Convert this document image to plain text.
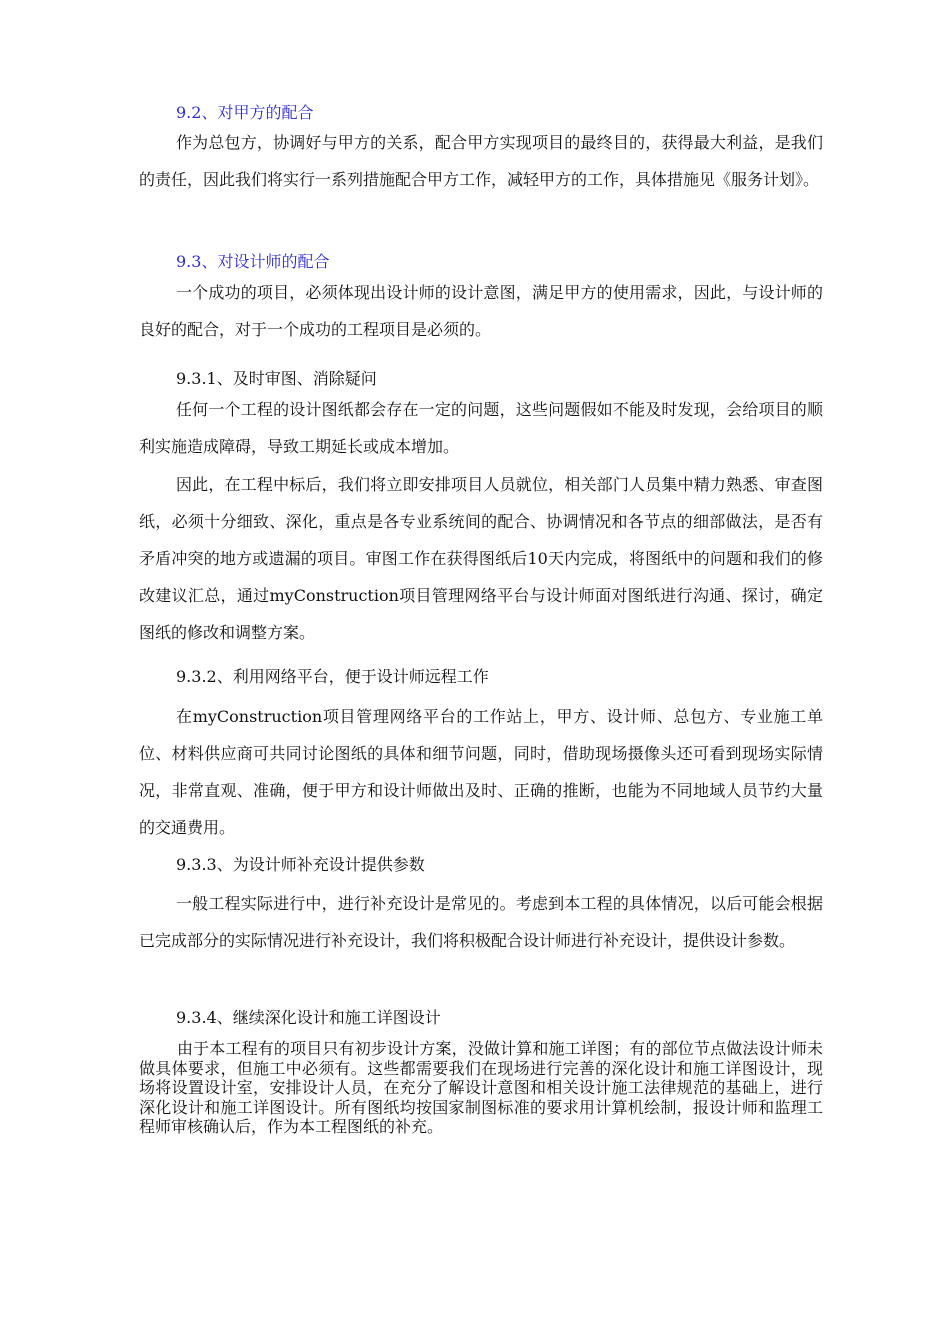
9.2、对甲方的配合
作为总包方，协调好与甲方的关系，配合甲方实现项目的最终目的，获得最大利益，是我们的责任，因此我们将实行一系列措施配合甲方工作，减轻甲方的工作，具体措施见《服务计划》。
9.3、对设计师的配合
一个成功的项目，必须体现出设计师的设计意图，满足甲方的使用需求，因此，与设计师的良好的配合，对于一个成功的工程项目是必须的。
9.3.1、及时审图、消除疑问
任何一个工程的设计图纸都会存在一定的问题，这些问题假如不能及时发现，会给项目的顺利实施造成障碍，导致工期延长或成本增加。
因此，在工程中标后，我们将立即安排项目人员就位，相关部门人员集中精力熟悉、审查图纸，必须十分细致、深化，重点是各专业系统间的配合、协调情况和各节点的细部做法，是否有矛盾冲突的地方或遗漏的项目。审图工作在获得图纸后10天内完成，将图纸中的问题和我们的修改建议汇总，通过myConstruction项目管理网络平台与设计师面对图纸进行沟通、探讨，确定图纸的修改和调整方案。
9.3.2、利用网络平台，便于设计师远程工作
在myConstruction项目管理网络平台的工作站上，甲方、设计师、总包方、专业施工单位、材料供应商可共同讨论图纸的具体和细节问题，同时，借助现场摄像头还可看到现场实际情况，非常直观、准确，便于甲方和设计师做出及时、正确的推断，也能为不同地域人员节约大量的交通费用。
9.3.3、为设计师补充设计提供参数
一般工程实际进行中，进行补充设计是常见的。考虑到本工程的具体情况，以后可能会根据已完成部分的实际情况进行补充设计，我们将积极配合设计师进行补充设计，提供设计参数。
9.3.4、继续深化设计和施工详图设计
由于本工程有的项目只有初步设计方案，没做计算和施工详图；有的部位节点做法设计师未做具体要求，但施工中必须有。这些都需要我们在现场进行完善的深化设计和施工详图设计，现场将设置设计室，安排设计人员，在充分了解设计意图和相关设计施工法律规范的基础上，进行深化设计和施工详图设计。所有图纸均按国家制图标准的要求用计算机绘制，报设计师和监理工程师审核确认后，作为本工程图纸的补充。
